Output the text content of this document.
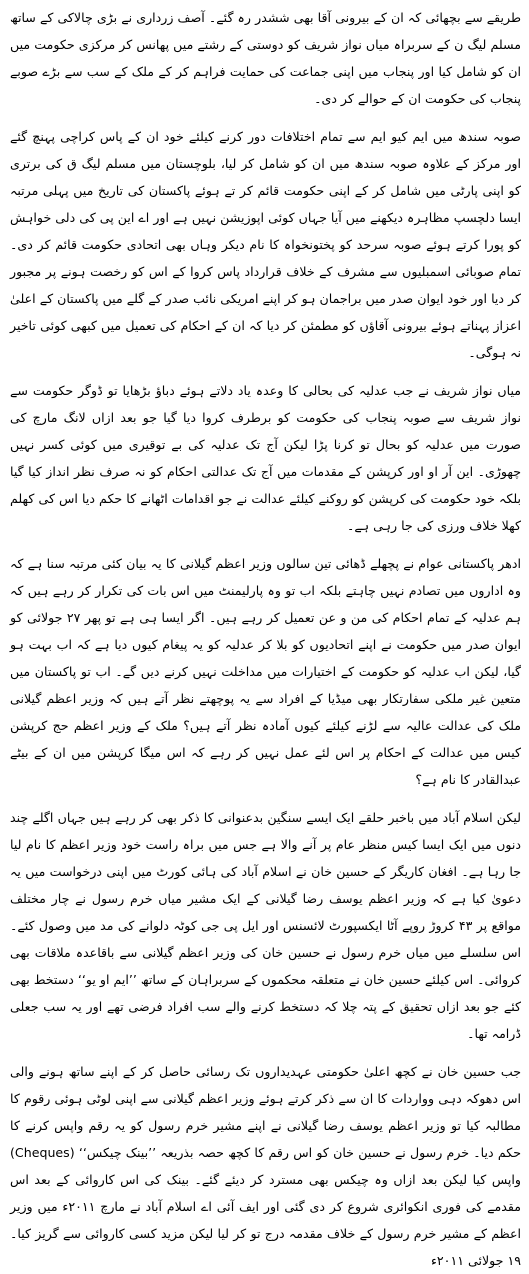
طریقے سے بچھائی کہ ان کے بیرونی آقا بھی ششدر رہ گئے۔ آصف زرداری نے بڑی چالاکی کے ساتھ مسلم لیگ ن کے سربراہ میاں نواز شریف کو دوستی کے رشتے میں پھانس کر مرکزی حکومت میں ان کو شامل کیا اور پنجاب میں اپنی جماعت کی حمایت فراہم کر کے ملک کے سب سے بڑے صوبے پنجاب کی حکومت ان کے حوالے کر دی۔

صوبہ سندھ میں ایم کیو ایم سے تمام اختلافات دور کرنے کیلئے خود ان کے پاس کراچی پہنچ گئے اور مرکز کے علاوہ صوبہ سندھ میں ان کو شامل کر لیا، بلوچستان میں مسلم لیگ ق کی برتری کو اپنی پارٹی میں شامل کر کے اپنی حکومت قائم کر تے ہوئے پاکستان کی تاریخ میں پہلی مرتبہ ایسا دلچسپ مظاہرہ دیکھنے میں آیا جہاں کوئی اپوزیشن نہیں ہے اور اے این پی کی دلی خواہش کو پورا کرتے ہوئے صوبہ سرحد کو پختونخواہ کا نام دیکر وہاں بھی اتحادی حکومت قائم کر دی۔ تمام صوبائی اسمبلیوں سے مشرف کے خلاف قرارداد پاس کروا کے اس کو رخصت ہونے پر مجبور کر دیا اور خود ایوان صدر میں براجمان ہو کر اپنے امریکی نائب صدر کے گلے میں پاکستان کے اعلیٰ اعزاز پہناتے ہوئے بیرونی آقاؤں کو مطمئن کر دیا کہ ان کے احکام کی تعمیل میں کبھی کوئی تاخیر نہ ہوگی۔

میاں نواز شریف نے جب عدلیہ کی بحالی کا وعدہ یاد دلاتے ہوئے دباؤ بڑھایا تو ڈوگر حکومت سے نواز شریف سے صوبہ پنجاب کی حکومت کو برطرف کروا دیا گیا جو بعد ازاں لانگ مارچ کی صورت میں عدلیہ کو بحال تو کرنا پڑا لیکن آج تک عدلیہ کی بے توقیری میں کوئی کسر نہیں چھوڑی۔ این آر او اور کرپشن کے مقدمات میں آج تک عدالتی احکام کو نہ صرف نظر انداز کیا گیا بلکہ خود حکومت کی کرپشن کو روکنے کیلئے عدالت نے جو اقدامات اٹھانے کا حکم دیا اس کی کھلم کھلا خلاف ورزی کی جا رہی ہے۔

ادھر پاکستانی عوام نے پچھلے ڈھائی تین سالوں وزیر اعظم گیلانی کا یہ بیان کئی مرتبہ سنا ہے کہ وہ اداروں میں تصادم نہیں چاہتے بلکہ اب تو وہ پارلیمنٹ میں اس بات کی تکرار کر رہے ہیں کہ ہم عدلیہ کے تمام احکام کی من و عن تعمیل کر رہے ہیں۔ اگر ایسا ہی ہے تو پھر ۲۷ جولائی کو ایوان صدر میں حکومت نے اپنے اتحادیوں کو بلا کر عدلیہ کو یہ پیغام کیوں دیا ہے کہ اب بہت ہو گیا، لیکن اب عدلیہ کو حکومت کے اختیارات میں مداخلت نہیں کرنے دیں گے۔ اب تو پاکستان میں متعین غیر ملکی سفارتکار بھی میڈیا کے افراد سے یہ پوچھتے نظر آتے ہیں کہ وزیر اعظم گیلانی ملک کی عدالت عالیہ سے لڑنے کیلئے کیوں آمادہ نظر آتے ہیں؟ ملک کے وزیر اعظم حج کرپشن کیس میں عدالت کے احکام پر اس لئے عمل نہیں کر رہے کہ اس میگا کرپشن میں ان کے بیٹے عبدالقادر کا نام ہے؟

لیکن اسلام آباد میں باخبر حلقے ایک ایسے سنگین بدعنوانی کا ذکر بھی کر رہے ہیں جہاں اگلے چند دنوں میں ایک ایسا کیس منظر عام پر آنے والا ہے جس میں براہ راست خود وزیر اعظم کا نام لیا جا رہا ہے۔ افغان کاریگر کے حسین خان نے اسلام آباد کی ہائی کورٹ میں اپنی درخواست میں یہ دعویٰ کیا ہے کہ وزیر اعظم یوسف رضا گیلانی کے ایک مشیر میاں خرم رسول نے چار مختلف مواقع پر ۴۳ کروڑ روپے آٹا ایکسپورٹ لائسنس اور ایل پی جی کوٹہ دلوانے کی مد میں وصول کئے۔ اس سلسلے میں میاں خرم رسول نے حسین خان کی وزیر اعظم گیلانی سے باقاعدہ ملاقات بھی کروائی۔ اس کیلئے حسین خان نے متعلقہ محکموں کے سربراہان کے ساتھ ’’ایم او یو‘‘ دستخط بھی کئے جو بعد ازاں تحقیق کے پتہ چلا کہ دستخط کرنے والے سب افراد فرضی تھے اور یہ سب جعلی ڈرامہ تھا۔

جب حسین خان نے کچھ اعلیٰ حکومتی عہدیداروں تک رسائی حاصل کر کے اپنے ساتھ ہونے والی اس دھوکہ دہی وواردات کا ان سے ذکر کرتے ہوئے وزیر اعظم گیلانی سے اپنی لوٹی ہوئی رقوم کا مطالبہ کیا تو وزیر اعظم یوسف رضا گیلانی نے اپنے مشیر خرم رسول کو یہ رقم واپس کرنے کا حکم دیا۔ خرم رسول نے حسین خان کو اس رقم کا کچھ حصہ بذریعہ ’’بینک چیکس‘‘ (Cheques) واپس کیا لیکن بعد ازاں وہ چیکس بھی مسترد کر دیئے گئے۔ بینک کی اس کاروائی کے بعد اس مقدمے کی فوری انکوائری شروع کر دی گئی اور ایف آئی اے اسلام آباد نے مارچ ۲۰۱۱ء میں وزیر اعظم کے مشیر خرم رسول کے خلاف مقدمہ درج تو کر لیا لیکن مزید کسی کاروائی سے گریز کیا۔ ۱۹ جولائی ۲۰۱۱ء
